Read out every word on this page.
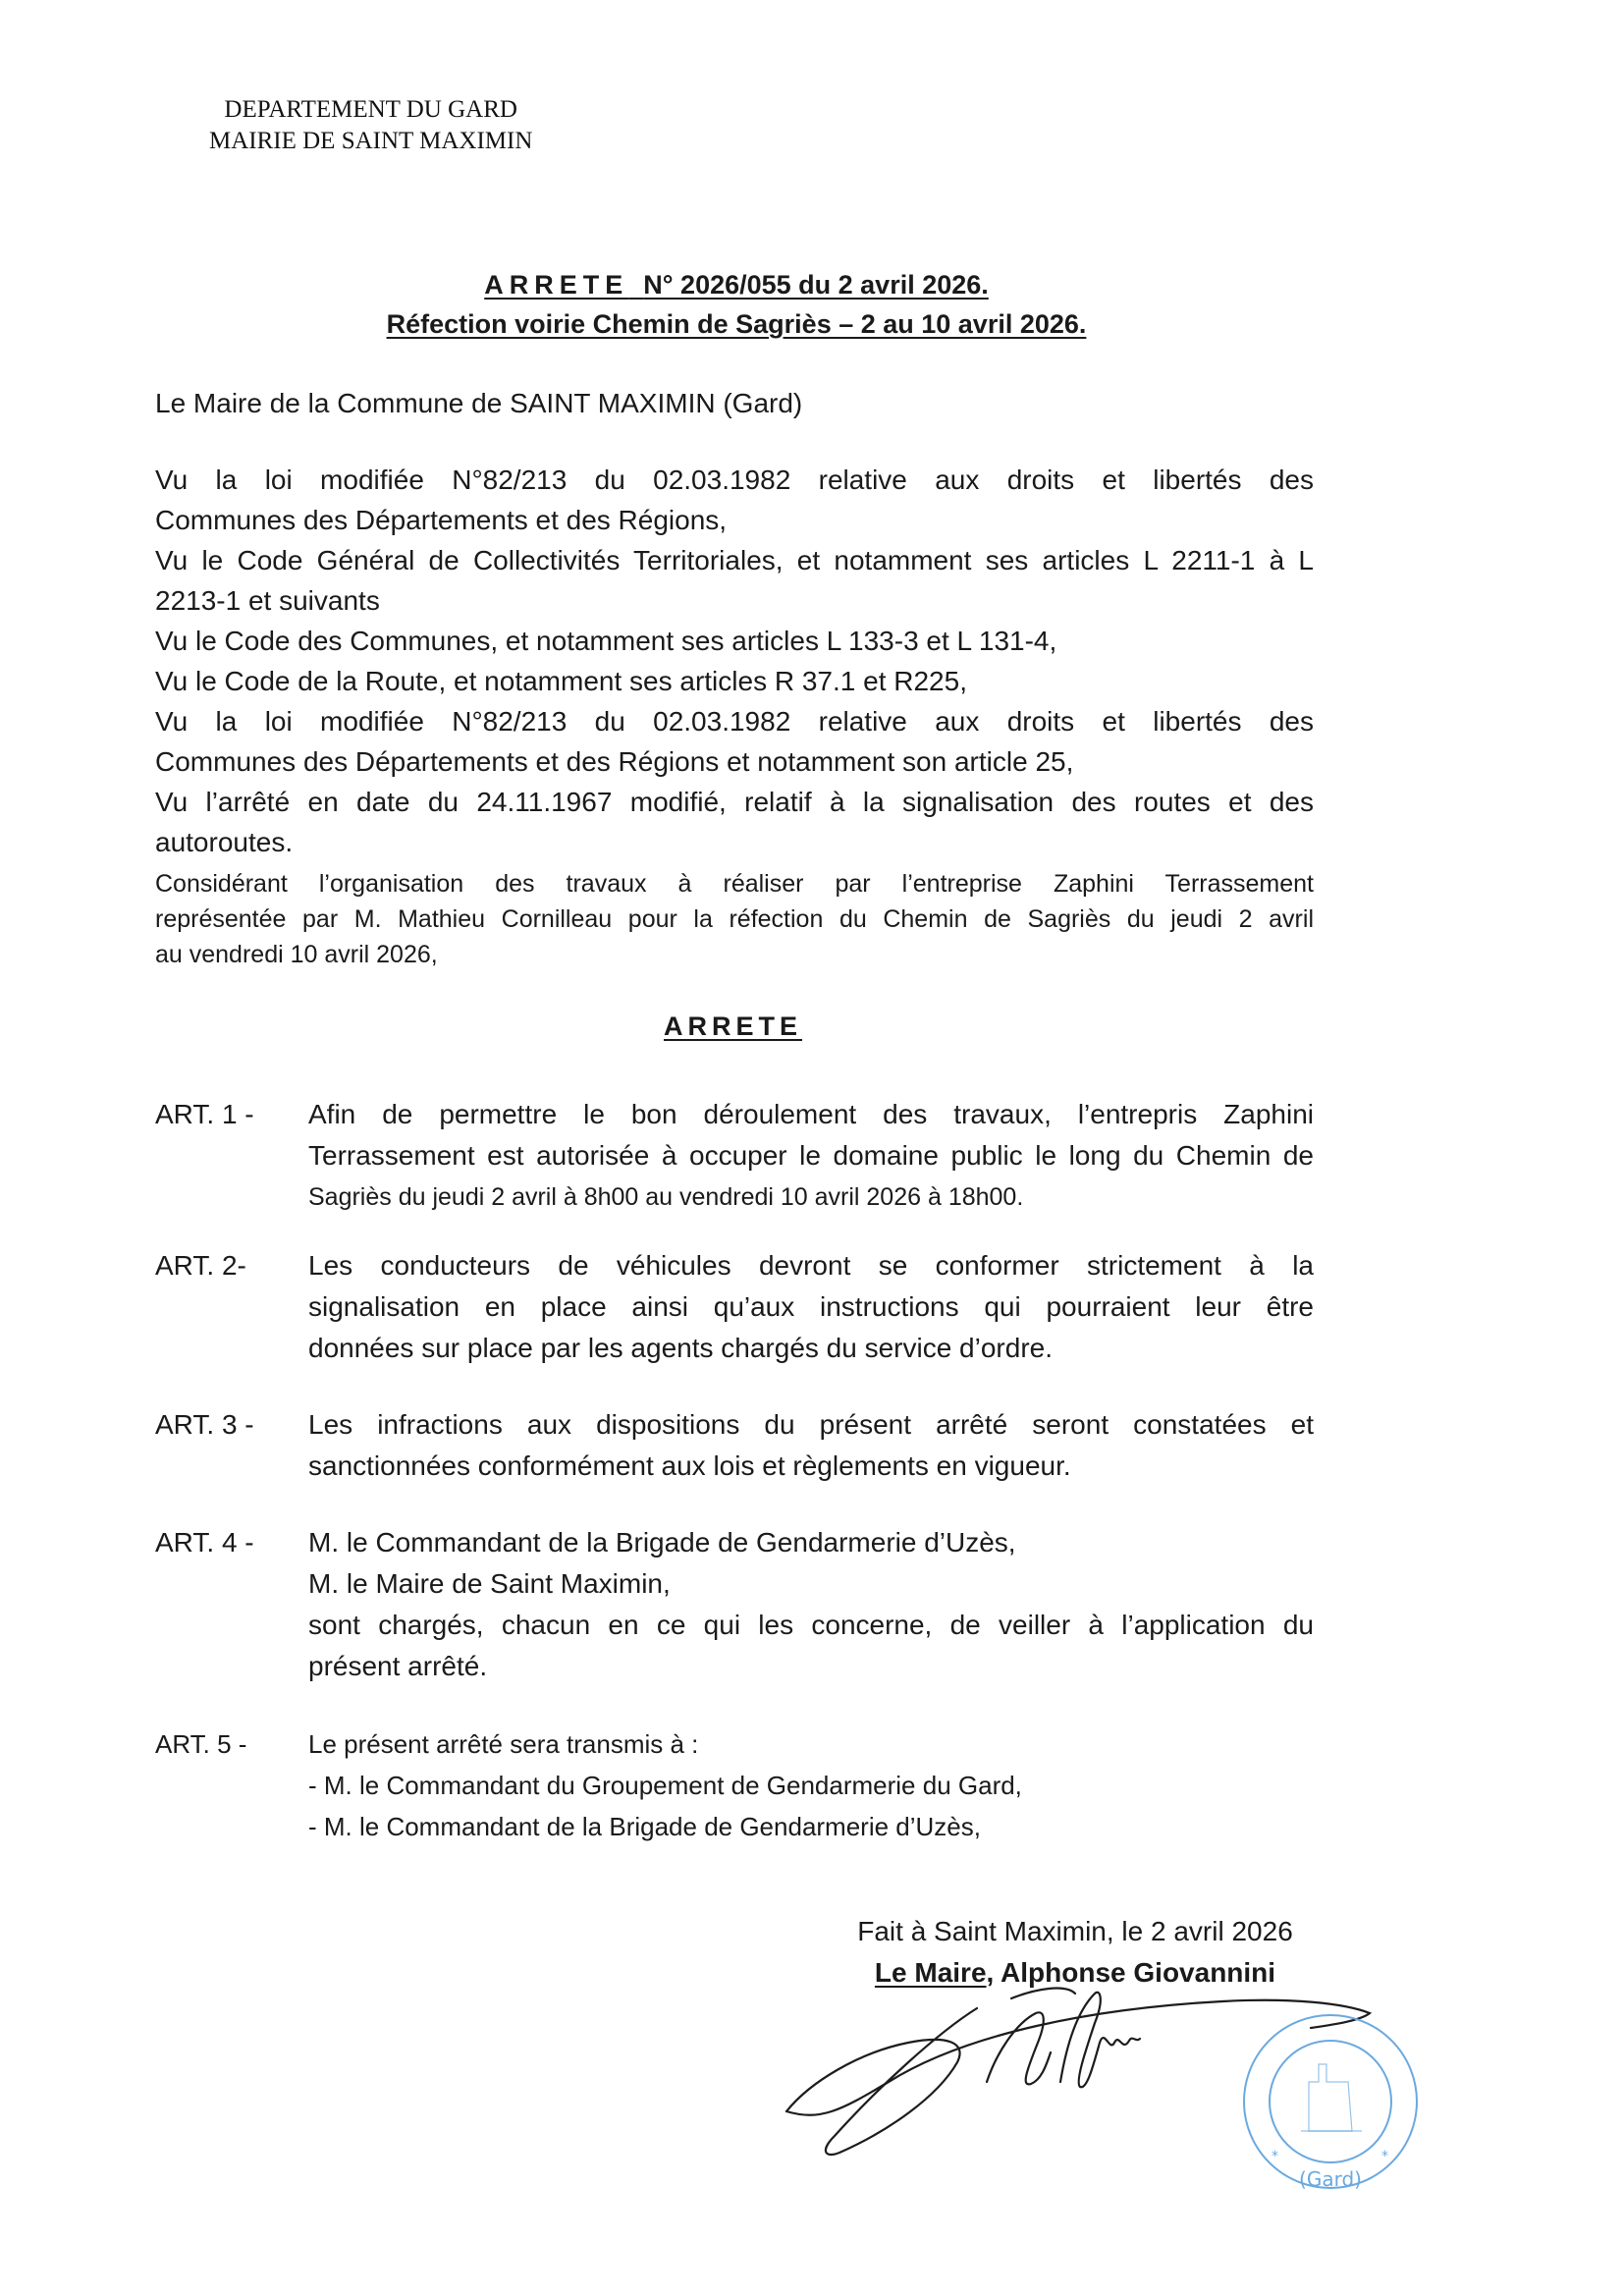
DEPARTEMENT DU GARD
MAIRIE DE SAINT MAXIMIN
ARRETE N° 2026/055 du 2 avril 2026.
Réfection voirie Chemin de Sagriès – 2 au 10 avril 2026.
Le Maire de la Commune de SAINT MAXIMIN (Gard)
Vu la loi modifiée N°82/213 du 02.03.1982 relative aux droits et libertés des
Communes des Départements et des Régions,
Vu le Code Général de Collectivités Territoriales, et notamment ses articles L 2211-1 à L
2213-1 et suivants
Vu le Code des Communes, et notamment ses articles L 133-3 et L 131-4,
Vu le Code de la Route, et notamment ses articles R 37.1 et R225,
Vu la loi modifiée N°82/213 du 02.03.1982 relative aux droits et libertés des
Communes des Départements et des Régions et notamment son article 25,
Vu l’arrêté en date du 24.11.1967 modifié, relatif à la signalisation des routes et des
autoroutes.
Considérant l’organisation des travaux à réaliser par l’entreprise Zaphini Terrassement
représentée par M. Mathieu Cornilleau pour la réfection du Chemin de Sagriès du jeudi 2 avril
au vendredi 10 avril 2026,
ARRETE
ART. 1 -	Afin de permettre le bon déroulement des travaux, l’entrepris Zaphini
Terrassement est autorisée à occuper le domaine public le long du Chemin de
Sagriès du jeudi 2 avril à 8h00 au vendredi 10 avril 2026 à 18h00.
ART. 2-	Les conducteurs de véhicules devront se conformer strictement à la
signalisation en place ainsi qu’aux instructions qui pourraient leur être
données sur place par les agents chargés du service d’ordre.
ART. 3 -	Les infractions aux dispositions du présent arrêté seront constatées et
sanctionnées conformément aux lois et règlements en vigueur.
ART. 4 -	M. le Commandant de la Brigade de Gendarmerie d’Uzès,
M. le Maire de Saint Maximin,
sont chargés, chacun en ce qui les concerne, de veiller à l’application du
présent arrêté.
ART. 5 -	Le présent arrêté sera transmis à :
- M. le Commandant du Groupement de Gendarmerie du Gard,
- M. le Commandant de la Brigade de Gendarmerie d’Uzès,
Fait à Saint Maximin, le 2 avril 2026
Le Maire, Alphonse Giovannini
(Gard)
*	*
